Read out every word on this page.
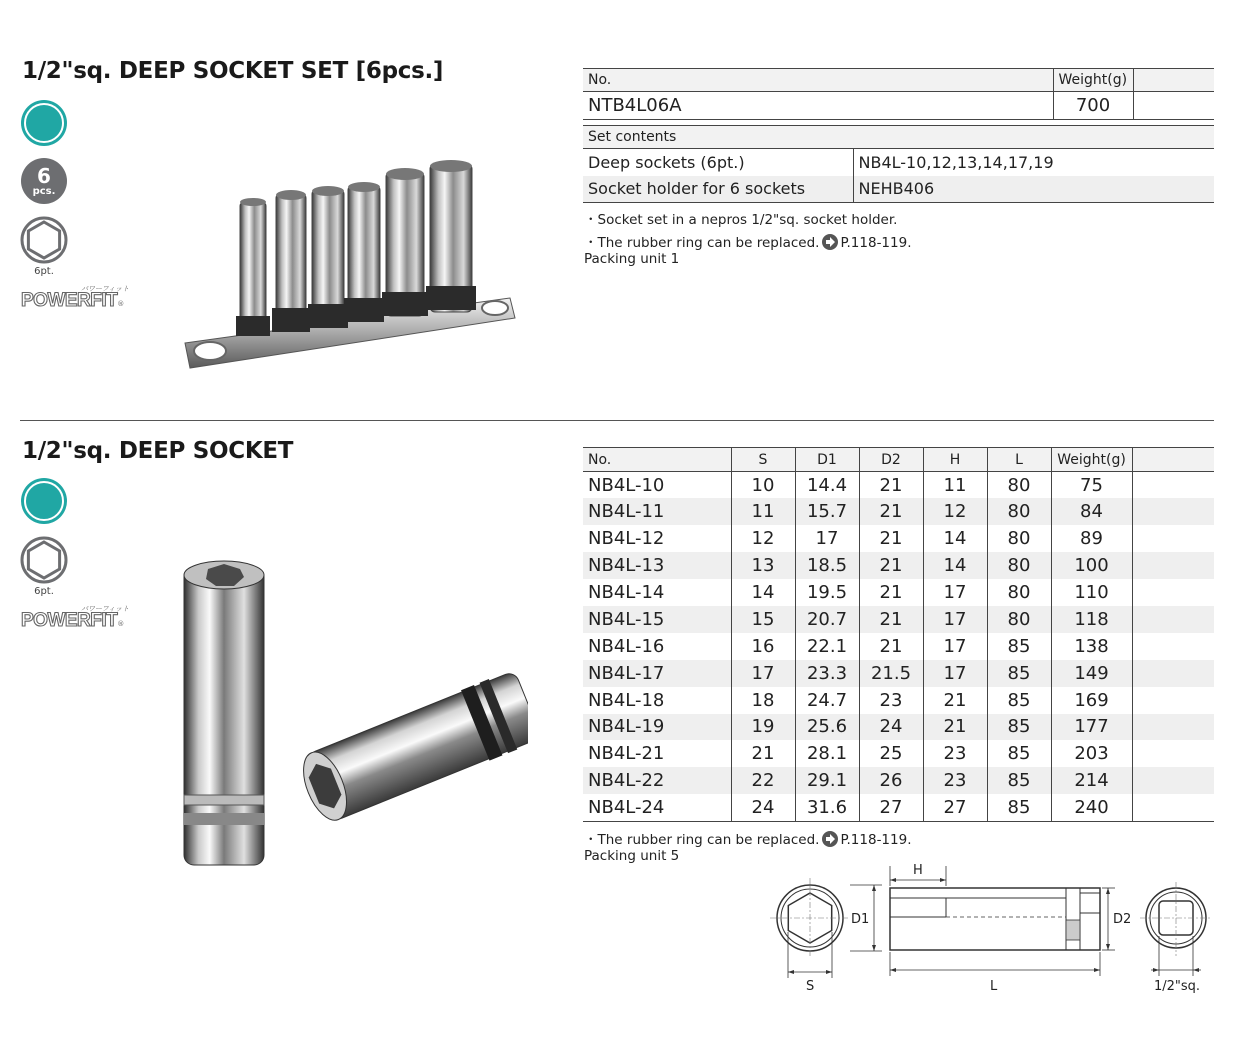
1/2"sq. DEEP SOCKET SET [6pcs.]
6
pcs.
6pt.
パワーフィット
POWERFIT®
No.	Weight(g)	
NTB4L06A	700	
Set contents	
Deep sockets (6pt.)	NB4L-10,12,13,14,17,19
Socket holder for 6 sockets	NEHB406
・Socket set in a nepros 1/2"sq. socket holder.
・The rubber ring can be replaced. P.118-119.
Packing unit 1
1/2"sq. DEEP SOCKET
6pt.
パワーフィット
POWERFIT®
No.	S	D1	D2	H	L	Weight(g)	
NB4L-10	10	14.4	21	11	80	75	
NB4L-11	11	15.7	21	12	80	84	
NB4L-12	12	17	21	14	80	89	
NB4L-13	13	18.5	21	14	80	100	
NB4L-14	14	19.5	21	17	80	110	
NB4L-15	15	20.7	21	17	80	118	
NB4L-16	16	22.1	21	17	85	138	
NB4L-17	17	23.3	21.5	17	85	149	
NB4L-18	18	24.7	23	21	85	169	
NB4L-19	19	25.6	24	21	85	177	
NB4L-21	21	28.1	25	23	85	203	
NB4L-22	22	29.1	26	23	85	214	
NB4L-24	24	31.6	27	27	85	240	
・The rubber ring can be replaced. P.118-119.
Packing unit 5
S
D1
H
L
D2
1/2"sq.
